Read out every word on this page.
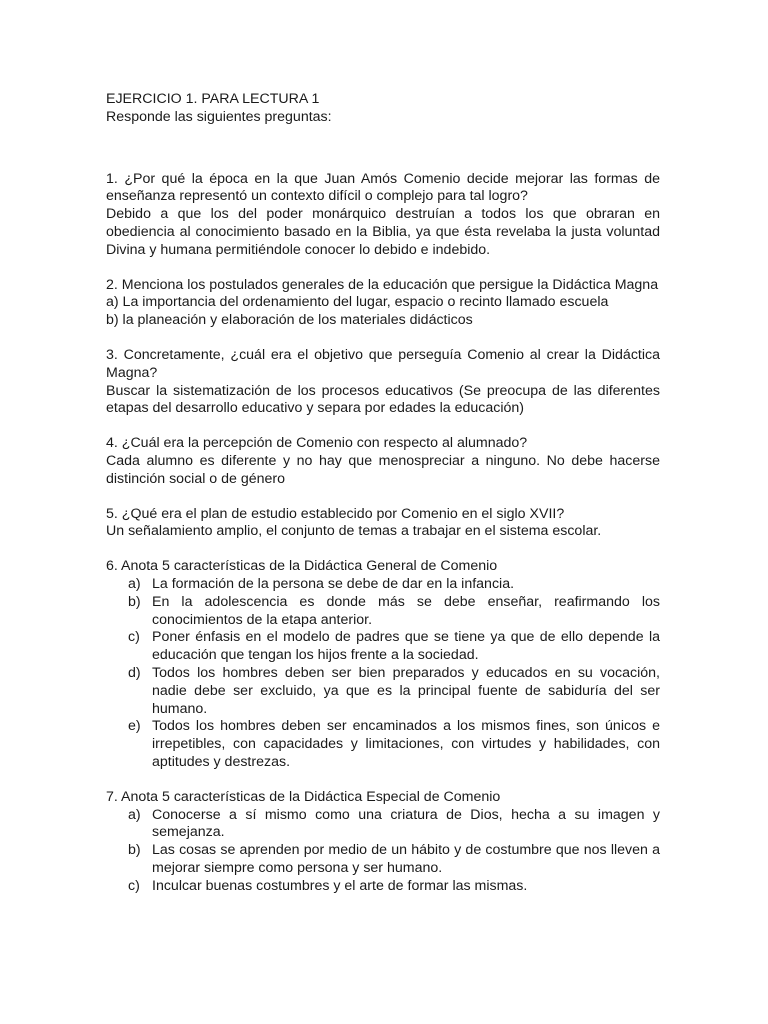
EJERCICIO 1. PARA LECTURA 1

Responde las siguientes preguntas:

1. ¿Por qué la época en la que Juan Amós Comenio decide mejorar las formas de enseñanza representó un contexto difícil o complejo para tal logro?

Debido a que los del poder monárquico destruían a todos los que obraran en obediencia al conocimiento basado en la Biblia, ya que ésta revelaba la justa voluntad Divina y humana permitiéndole conocer lo debido e indebido.

2. Menciona los postulados generales de la educación que persigue la Didáctica Magna

a) La importancia del ordenamiento del lugar, espacio o recinto llamado escuela

b) la planeación y elaboración de los materiales didácticos

3. Concretamente, ¿cuál era el objetivo que perseguía Comenio al crear la Didáctica Magna?

Buscar la sistematización de los procesos educativos (Se preocupa de las diferentes etapas del desarrollo educativo y separa por edades la educación)

4. ¿Cuál era la percepción de Comenio con respecto al alumnado?

Cada alumno es diferente y no hay que menospreciar a ninguno. No debe hacerse distinción social o de género

5. ¿Qué era el plan de estudio establecido por Comenio en el siglo XVII?

Un señalamiento amplio, el conjunto de temas a trabajar en el sistema escolar.

6. Anota 5 características de la Didáctica General de Comenio

a) La formación de la persona se debe de dar en la infancia.
b) En la adolescencia es donde más se debe enseñar, reafirmando los conocimientos de la etapa anterior.
c) Poner énfasis en el modelo de padres que se tiene ya que de ello depende la educación que tengan los hijos frente a la sociedad.
d) Todos los hombres deben ser bien preparados y educados en su vocación, nadie debe ser excluido, ya que es la principal fuente de sabiduría del ser humano.
e) Todos los hombres deben ser encaminados a los mismos fines, son únicos e irrepetibles, con capacidades y limitaciones, con virtudes y habilidades, con aptitudes y destrezas.

7. Anota 5 características de la Didáctica Especial de Comenio

a) Conocerse a sí mismo como una criatura de Dios, hecha a su imagen y semejanza.
b) Las cosas se aprenden por medio de un hábito y de costumbre que nos lleven a mejorar siempre como persona y ser humano.
c) Inculcar buenas costumbres y el arte de formar las mismas.
